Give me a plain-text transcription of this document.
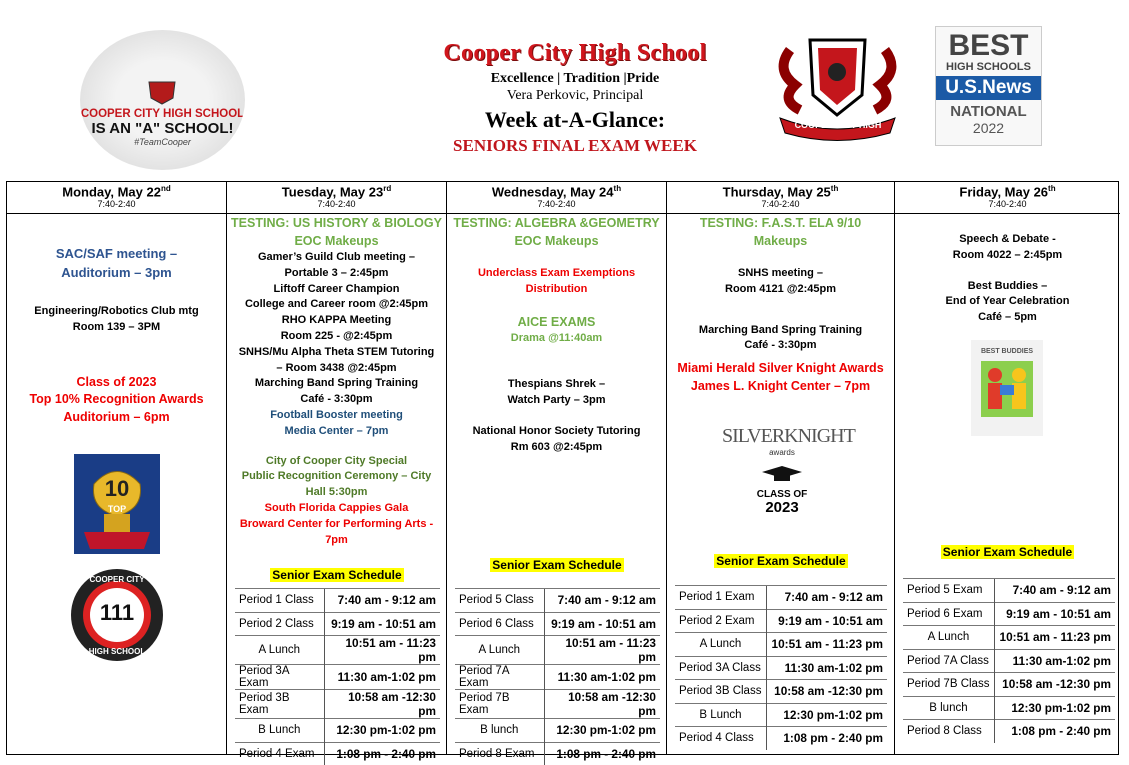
COOPER CITY HIGH SCHOOL
IS AN "A" SCHOOL!
#TeamCooper
Cooper City High School
Excellence | Tradition |Pride
Vera Perkovic, Principal
Week at-A-Glance:
SENIORS FINAL EXAM WEEK
COOPER CITY HIGH
BEST
HIGH SCHOOLS
U.S.News
NATIONAL
2022
Monday, May 22nd
7:40-2:40
SAC/SAF meeting –
Auditorium – 3pm
Engineering/Robotics Club mtg
Room 139 – 3PM
Class of 2023
Top 10% Recognition Awards
Auditorium – 6pm
10
TOP
COOPER CITY
111
HIGH SCHOOL
Tuesday, May 23rd
7:40-2:40
TESTING: US HISTORY & BIOLOGY
EOC Makeups
Gamer’s Guild Club meeting –
Portable 3 – 2:45pm
Liftoff Career Champion
College and Career room @2:45pm
RHO KAPPA Meeting
Room 225 - @2:45pm
SNHS/Mu Alpha Theta STEM Tutoring
– Room 3438 @2:45pm
Marching Band Spring Training
Café - 3:30pm
Football Booster meeting
Media Center – 7pm
City of Cooper City Special
Public Recognition Ceremony – City
Hall 5:30pm
South Florida Cappies Gala
Broward Center for Performing Arts -
7pm
Senior Exam Schedule
Period 1 Class	7:40 am - 9:12 am
Period 2 Class	9:19 am - 10:51 am
A Lunch	10:51 am - 11:23 pm
Period 3A Exam	11:30 am-1:02 pm
Period 3B Exam	10:58 am -12:30 pm
B Lunch	12:30 pm-1:02 pm
Period 4 Exam	1:08 pm - 2:40 pm
Wednesday, May 24th
7:40-2:40
TESTING: ALGEBRA &GEOMETRY
EOC Makeups
Underclass Exam Exemptions
Distribution
AICE EXAMS
Drama @11:40am
Thespians Shrek –
Watch Party – 3pm
National Honor Society Tutoring
Rm 603 @2:45pm
Senior Exam Schedule
Period 5 Class	7:40 am - 9:12 am
Period 6 Class	9:19 am - 10:51 am
A Lunch	10:51 am - 11:23 pm
Period 7A Exam	11:30 am-1:02 pm
Period 7B Exam	10:58 am -12:30 pm
B lunch	12:30 pm-1:02 pm
Period 8 Exam	1:08 pm - 2:40 pm
Thursday, May 25th
7:40-2:40
TESTING: F.A.S.T. ELA 9/10
Makeups
SNHS meeting –
Room 4121 @2:45pm
Marching Band Spring Training
Café - 3:30pm
Miami Herald Silver Knight Awards
James L. Knight Center – 7pm
SILVERKNIGHT
awards
CLASS OF
2023
Senior Exam Schedule
Period 1 Exam	7:40 am - 9:12 am
Period 2 Exam	9:19 am - 10:51 am
A Lunch	10:51 am - 11:23 pm
Period 3A Class	11:30 am-1:02 pm
Period 3B Class	10:58 am -12:30 pm
B Lunch	12:30 pm-1:02 pm
Period 4 Class	1:08 pm - 2:40 pm
Friday, May 26th
7:40-2:40
Speech & Debate -
Room 4022 – 2:45pm
Best Buddies –
End of Year Celebration
Café – 5pm
BEST BUDDIES
Senior Exam Schedule
Period 5 Exam	7:40 am - 9:12 am
Period 6 Exam	9:19 am - 10:51 am
A Lunch	10:51 am - 11:23 pm
Period 7A Class	11:30 am-1:02 pm
Period 7B Class	10:58 am -12:30 pm
B lunch	12:30 pm-1:02 pm
Period 8 Class	1:08 pm - 2:40 pm
